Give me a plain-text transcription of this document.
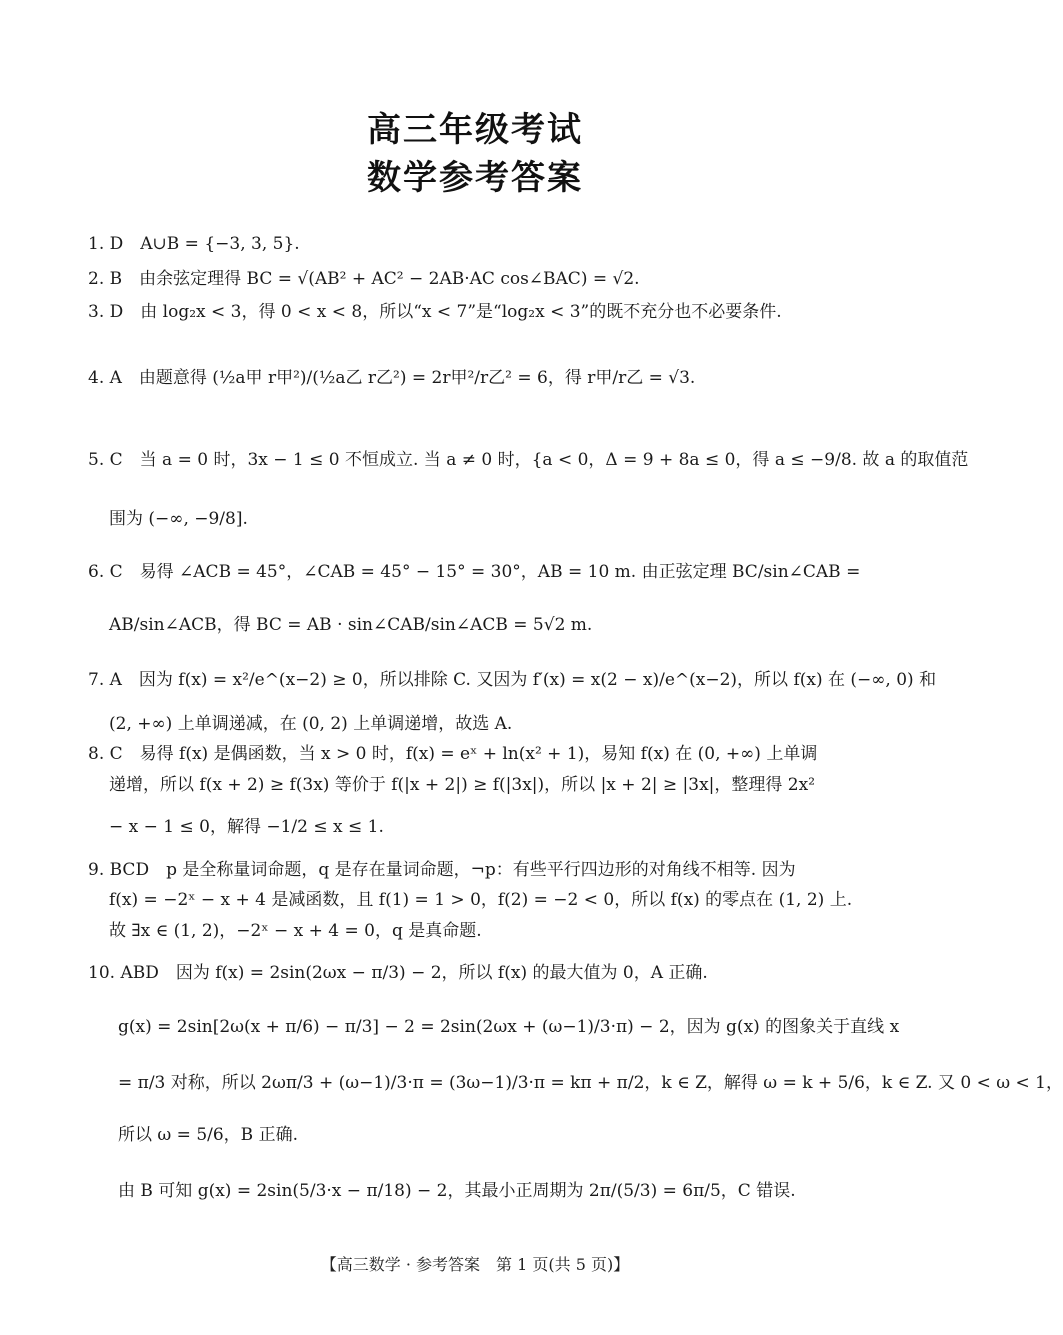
高三年级考试
数学参考答案
1. D　A∪B = {−3, 3, 5}.
2. B　由余弦定理得 BC = √(AB² + AC² − 2AB·AC cos∠BAC) = √2.
3. D　由 log₂x < 3，得 0 < x < 8，所以“x < 7”是“log₂x < 3”的既不充分也不必要条件.
4. A　由题意得 (½a甲 r甲²)/(½a乙 r乙²) = 2r甲²/r乙² = 6，得 r甲/r乙 = √3.
5. C　当 a = 0 时，3x − 1 ≤ 0 不恒成立. 当 a ≠ 0 时，{a < 0，Δ = 9 + 8a ≤ 0，得 a ≤ −9/8. 故 a 的取值范
围为 (−∞, −9/8].
6. C　易得 ∠ACB = 45°，∠CAB = 45° − 15° = 30°，AB = 10 m. 由正弦定理 BC/sin∠CAB =
AB/sin∠ACB，得 BC = AB · sin∠CAB/sin∠ACB = 5√2 m.
7. A　因为 f(x) = x²/e^(x−2) ≥ 0，所以排除 C. 又因为 f′(x) = x(2 − x)/e^(x−2)，所以 f(x) 在 (−∞, 0) 和
(2, +∞) 上单调递减，在 (0, 2) 上单调递增，故选 A.
8. C　易得 f(x) 是偶函数，当 x > 0 时，f(x) = eˣ + ln(x² + 1)，易知 f(x) 在 (0, +∞) 上单调
递增，所以 f(x + 2) ≥ f(3x) 等价于 f(|x + 2|) ≥ f(|3x|)，所以 |x + 2| ≥ |3x|，整理得 2x²
− x − 1 ≤ 0，解得 −1/2 ≤ x ≤ 1.
9. BCD　p 是全称量词命题，q 是存在量词命题，¬p：有些平行四边形的对角线不相等. 因为
f(x) = −2ˣ − x + 4 是减函数，且 f(1) = 1 > 0，f(2) = −2 < 0，所以 f(x) 的零点在 (1, 2) 上.
故 ∃x ∈ (1, 2)，−2ˣ − x + 4 = 0，q 是真命题.
10. ABD　因为 f(x) = 2sin(2ωx − π/3) − 2，所以 f(x) 的最大值为 0，A 正确.
g(x) = 2sin[2ω(x + π/6) − π/3] − 2 = 2sin(2ωx + (ω−1)/3·π) − 2，因为 g(x) 的图象关于直线 x
= π/3 对称，所以 2ωπ/3 + (ω−1)/3·π = (3ω−1)/3·π = kπ + π/2，k ∈ Z，解得 ω = k + 5/6，k ∈ Z. 又 0 < ω < 1，
所以 ω = 5/6，B 正确.
由 B 可知 g(x) = 2sin(5/3·x − π/18) − 2，其最小正周期为 2π/(5/3) = 6π/5，C 错误.
【高三数学 · 参考答案　第 1 页(共 5 页)】
